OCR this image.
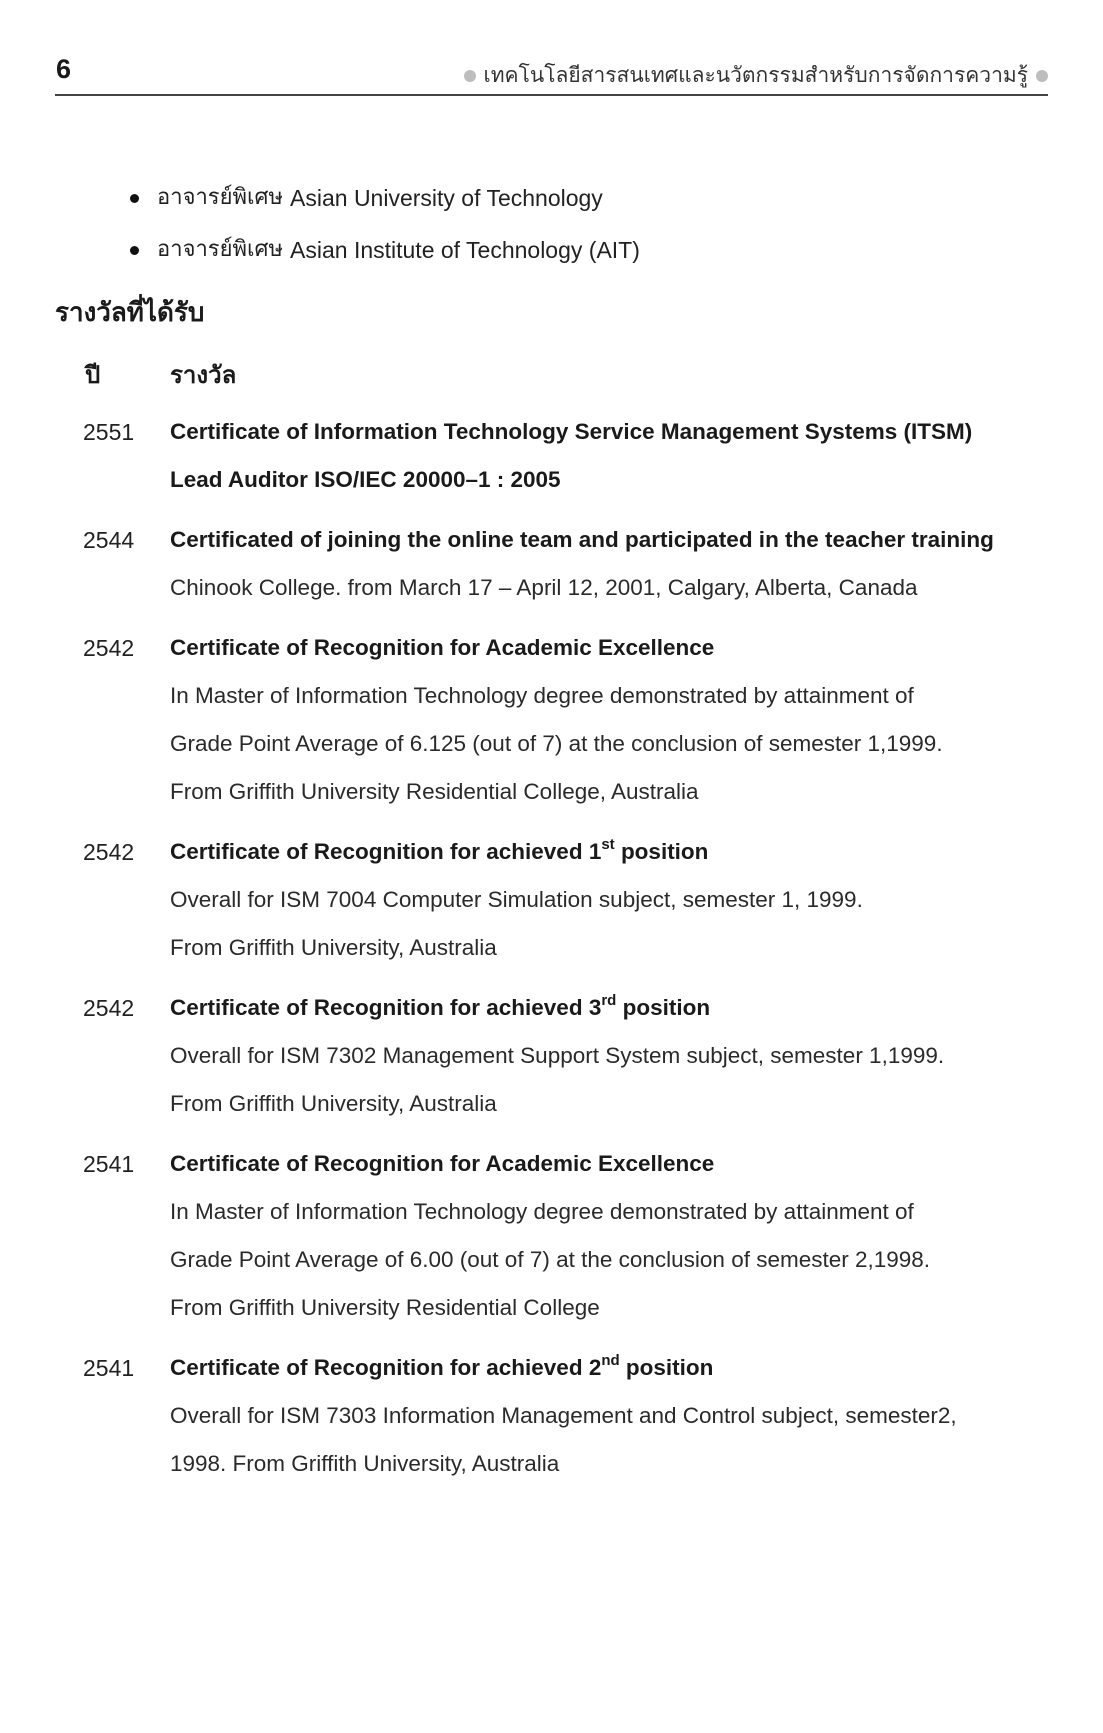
6	เทคโนโลยีสารสนเทศและนวัตกรรมสำหรับการจัดการความรู้
อาจารย์พิเศษ Asian University of Technology
อาจารย์พิเศษ Asian Institute of Technology (AIT)
รางวัลที่ได้รับ
ปี	รางวัล
2551 Certificate of Information Technology Service Management Systems (ITSM)
Lead Auditor ISO/IEC 20000–1 : 2005
2544 Certificated of joining the online team and participated in the teacher training
Chinook College. from March 17 – April 12, 2001, Calgary, Alberta, Canada
2542 Certificate of Recognition for Academic Excellence
In Master of Information Technology degree demonstrated by attainment of
Grade Point Average of 6.125 (out of 7) at the conclusion of semester 1,1999.
From Griffith University Residential College, Australia
2542 Certificate of Recognition for achieved 1st position
Overall for ISM 7004 Computer Simulation subject, semester 1, 1999.
From Griffith University, Australia
2542 Certificate of Recognition for achieved 3rd position
Overall for ISM 7302 Management Support System subject, semester 1,1999.
From Griffith University, Australia
2541 Certificate of Recognition for Academic Excellence
In Master of Information Technology degree demonstrated by attainment of
Grade Point Average of 6.00 (out of 7) at the conclusion of semester 2,1998.
From Griffith University Residential College
2541 Certificate of Recognition for achieved 2nd position
Overall for ISM 7303 Information Management and Control subject, semester2,
1998. From Griffith University, Australia
